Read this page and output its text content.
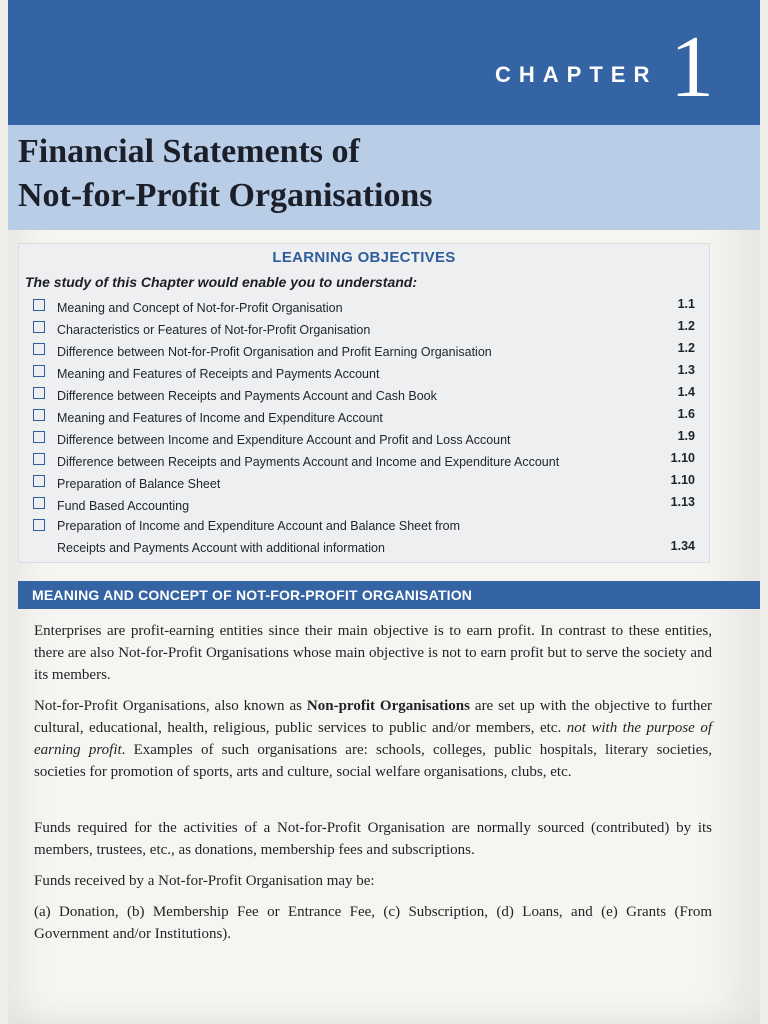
CHAPTER 1
Financial Statements of
Not-for-Profit Organisations
LEARNING OBJECTIVES
The study of this Chapter would enable you to understand:
Meaning and Concept of Not-for-Profit Organisation	1.1
Characteristics or Features of Not-for-Profit Organisation	1.2
Difference between Not-for-Profit Organisation and Profit Earning Organisation	1.2
Meaning and Features of Receipts and Payments Account	1.3
Difference between Receipts and Payments Account and Cash Book	1.4
Meaning and Features of Income and Expenditure Account	1.6
Difference between Income and Expenditure Account and Profit and Loss Account	1.9
Difference between Receipts and Payments Account and Income and Expenditure Account	1.10
Preparation of Balance Sheet	1.10
Fund Based Accounting	1.13
Preparation of Income and Expenditure Account and Balance Sheet from
Receipts and Payments Account with additional information	1.34
MEANING AND CONCEPT OF NOT-FOR-PROFIT ORGANISATION

Enterprises are profit-earning entities since their main objective is to earn profit. In contrast to these entities, there are also Not-for-Profit Organisations whose main objective is not to earn profit but to serve the society and its members.

Not-for-Profit Organisations, also known as Non-profit Organisations are set up with the objective to further cultural, educational, health, religious, public services to public and/or members, etc. not with the purpose of earning profit. Examples of such organisations are: schools, colleges, public hospitals, literary societies, societies for promotion of sports, arts and culture, social welfare organisations, clubs, etc.

Funds required for the activities of a Not-for-Profit Organisation are normally sourced (contributed) by its members, trustees, etc., as donations, membership fees and subscriptions.

Funds received by a Not-for-Profit Organisation may be:

(a) Donation, (b) Membership Fee or Entrance Fee, (c) Subscription, (d) Loans, and (e) Grants (From Government and/or Institutions).
